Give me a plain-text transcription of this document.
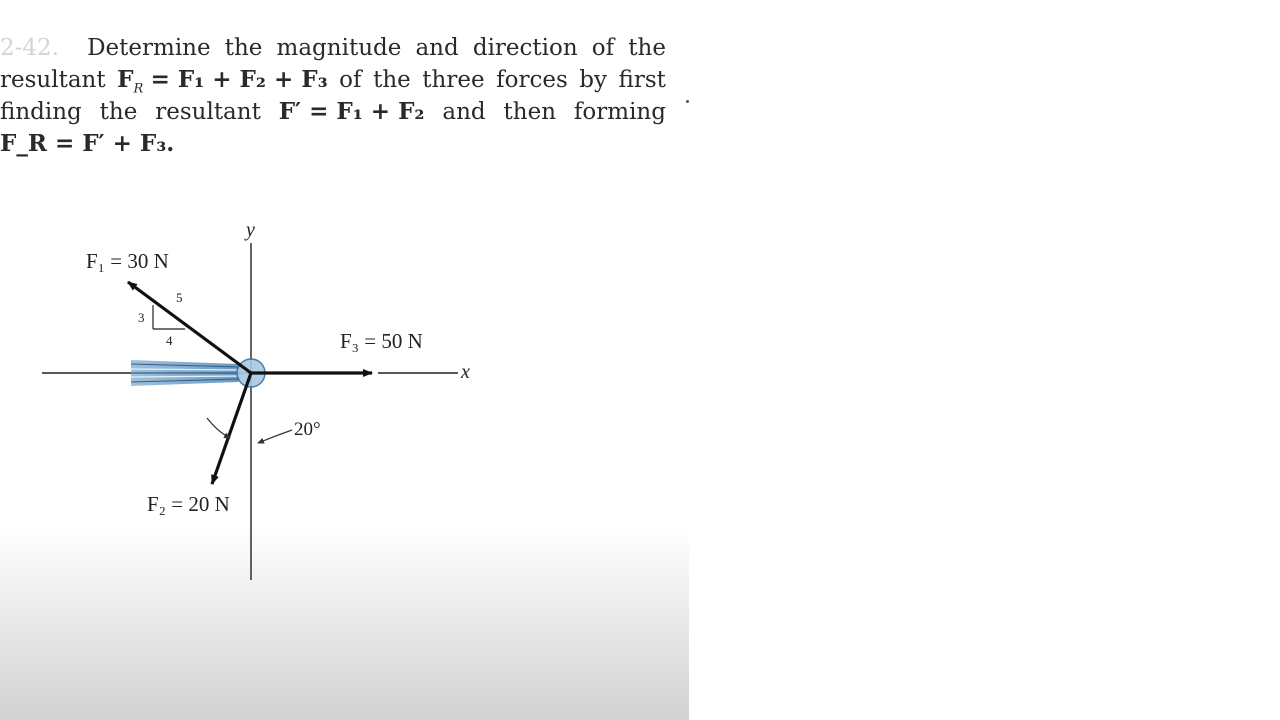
2-42. Determine the magnitude and direction of the
resultant $F_R = F_1 + F_2 + F_3$ of the three forces by first
finding the resultant F′ = F₁ + F₂ and then forming
F_R = F′ + F₃.
y
x
5
3
4
F₁ = 30 N
F₂ = 20 N
20°
F₃ = 50 N
